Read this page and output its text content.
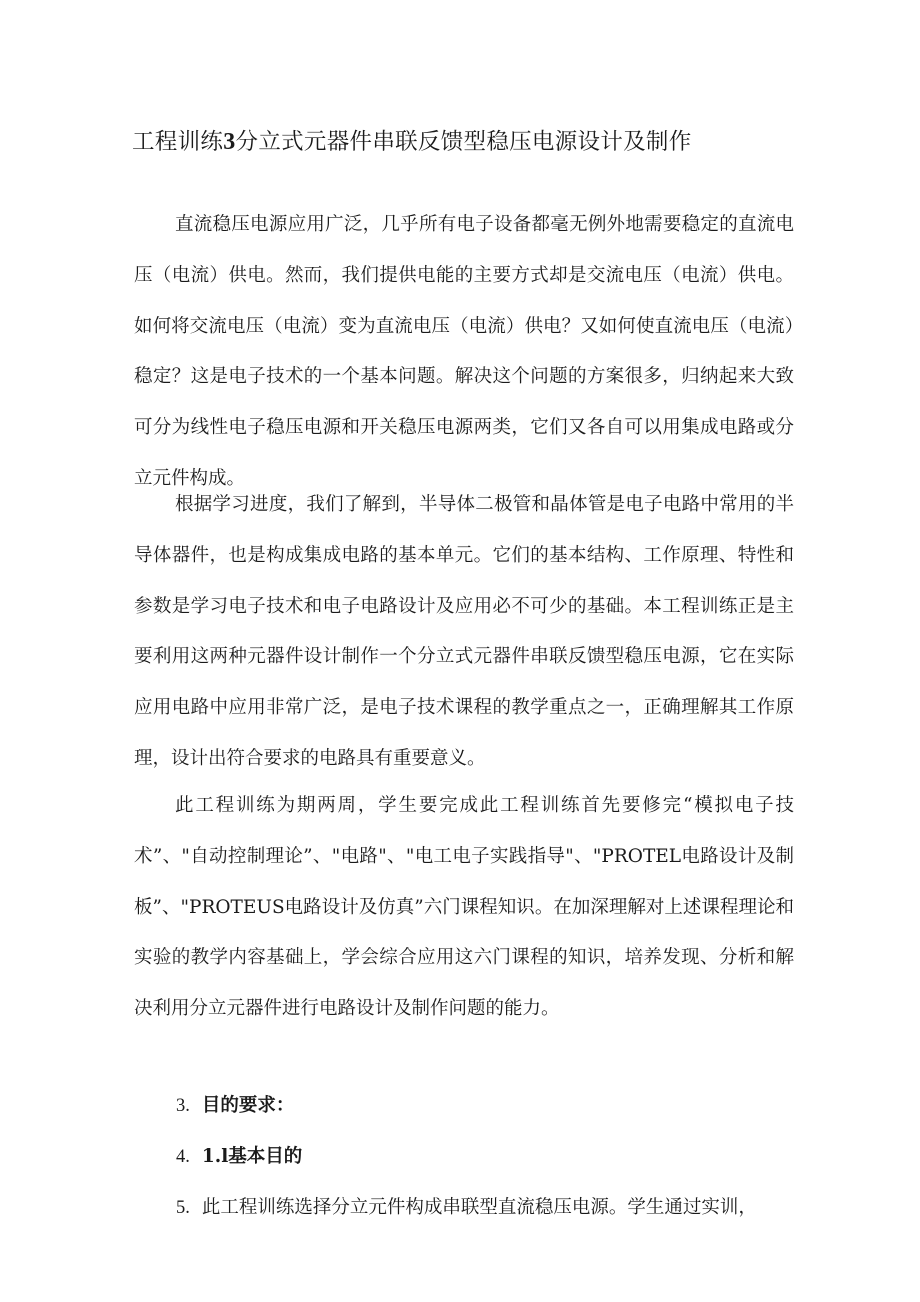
工程训练3分立式元器件串联反馈型稳压电源设计及制作

直流稳压电源应用广泛，几乎所有电子设备都毫无例外地需要稳定的直流电压（电流）供电。然而，我们提供电能的主要方式却是交流电压（电流）供电。如何将交流电压（电流）变为直流电压（电流）供电？又如何使直流电压（电流）稳定？这是电子技术的一个基本问题。解决这个问题的方案很多，归纳起来大致可分为线性电子稳压电源和开关稳压电源两类，它们又各自可以用集成电路或分立元件构成。

根据学习进度，我们了解到，半导体二极管和晶体管是电子电路中常用的半导体器件，也是构成集成电路的基本单元。它们的基本结构、工作原理、特性和参数是学习电子技术和电子电路设计及应用必不可少的基础。本工程训练正是主要利用这两种元器件设计制作一个分立式元器件串联反馈型稳压电源，它在实际应用电路中应用非常广泛，是电子技术课程的教学重点之一，正确理解其工作原理，设计出符合要求的电路具有重要意义。

此工程训练为期两周，学生要完成此工程训练首先要修完“模拟电子技术”、"自动控制理论”、"电路"、"电工电子实践指导"、"PROTEL电路设计及制板”、"PROTEUS电路设计及仿真”六门课程知识。在加深理解对上述课程理论和实验的教学内容基础上，学会综合应用这六门课程的知识，培养发现、分析和解决利用分立元器件进行电路设计及制作问题的能力。

3. 目的要求：

4. 1.l基本目的

5. 此工程训练选择分立元件构成串联型直流稳压电源。学生通过实训，
